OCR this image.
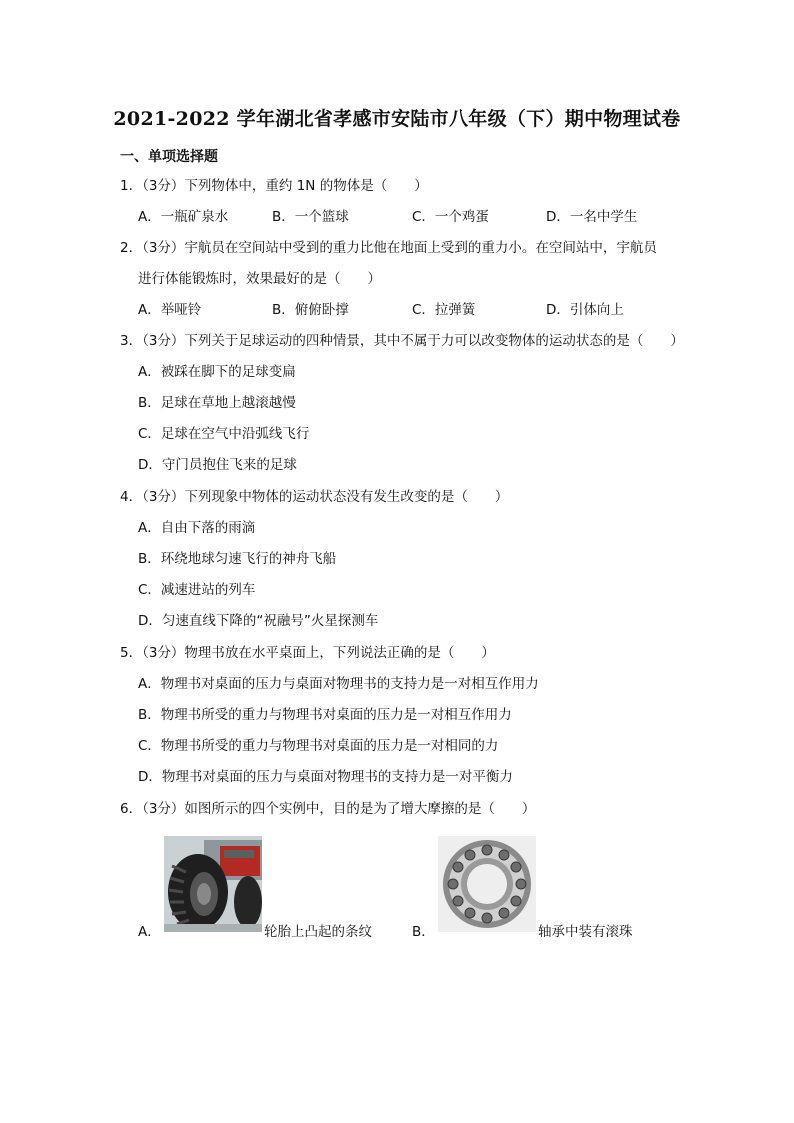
2021-2022 学年湖北省孝感市安陆市八年级（下）期中物理试卷
一、单项选择题
1．（3分）下列物体中，重约 1N 的物体是（　　）
A．一瓶矿泉水	B．一个篮球	C．一个鸡蛋	D．一名中学生
2．（3分）宇航员在空间站中受到的重力比他在地面上受到的重力小。在空间站中，宇航员
进行体能锻炼时，效果最好的是（　　）
A．举哑铃	B．俯俯卧撑	C．拉弹簧	D．引体向上
3．（3分）下列关于足球运动的四种情景，其中不属于力可以改变物体的运动状态的是（　　）
A．被踩在脚下的足球变扁
B．足球在草地上越滚越慢
C．足球在空气中沿弧线飞行
D．守门员抱住飞来的足球
4．（3分）下列现象中物体的运动状态没有发生改变的是（　　）
A．自由下落的雨滴
B．环绕地球匀速飞行的神舟飞船
C．减速进站的列车
D．匀速直线下降的“祝融号”火星探测车
5．（3分）物理书放在水平桌面上，下列说法正确的是（　　）
A．物理书对桌面的压力与桌面对物理书的支持力是一对相互作用力
B．物理书所受的重力与物理书对桌面的压力是一对相互作用力
C．物理书所受的重力与物理书对桌面的压力是一对相同的力
D．物理书对桌面的压力与桌面对物理书的支持力是一对平衡力
6．（3分）如图所示的四个实例中，目的是为了增大摩擦的是（　　）
A．	轮胎上凸起的条纹	B．	轴承中装有滚珠
